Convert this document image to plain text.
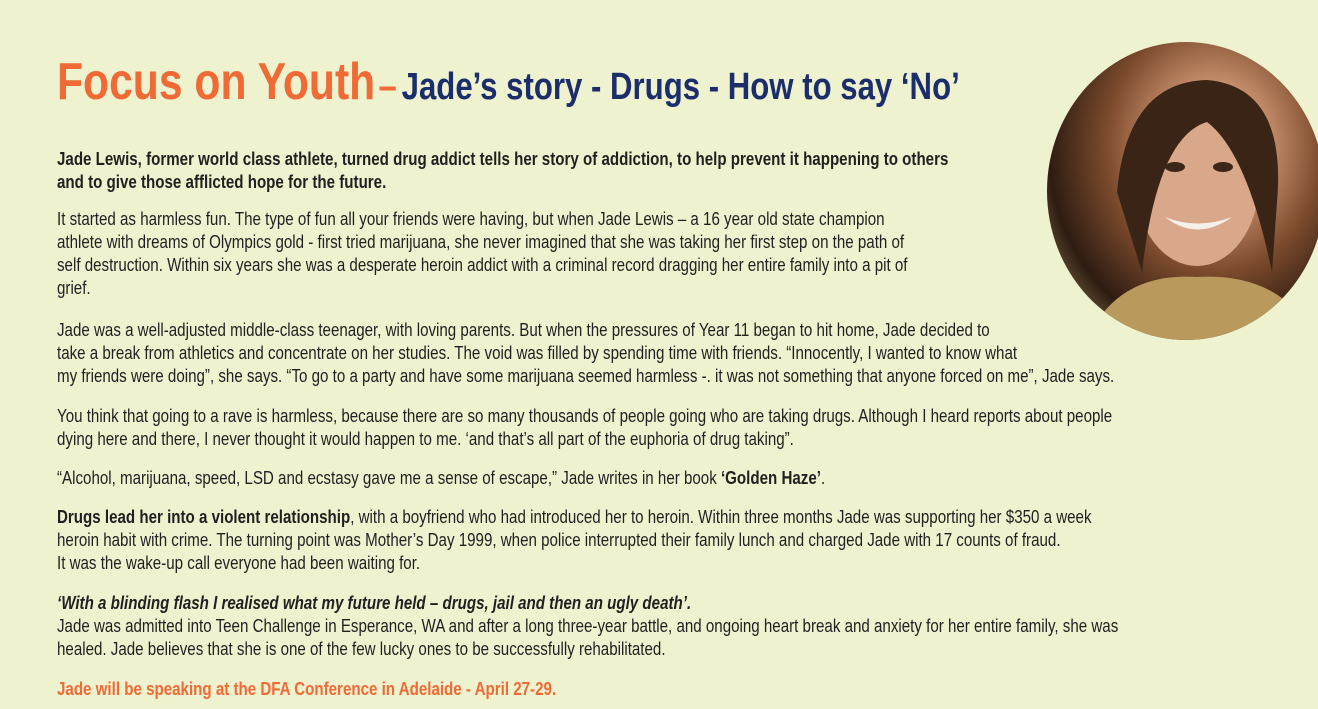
Focus on Youth– Jade’s story - Drugs - How to say ‘No’

Jade Lewis, former world class athlete, turned drug addict tells her story of addiction, to help prevent it happening to others
and to give those afflicted hope for the future.

It started as harmless fun. The type of fun all your friends were having, but when Jade Lewis – a 16 year old state champion
athlete with dreams of Olympics gold - first tried marijuana, she never imagined that she was taking her first step on the path of
self destruction. Within six years she was a desperate heroin addict with a criminal record dragging her entire family into a pit of
grief.

Jade was a well-adjusted middle-class teenager, with loving parents. But when the pressures of Year 11 began to hit home, Jade decided to
take a break from athletics and concentrate on her studies. The void was filled by spending time with friends. “Innocently, I wanted to know what
my friends were doing”, she says. “To go to a party and have some marijuana seemed harmless -. it was not something that anyone forced on me”, Jade says.

You think that going to a rave is harmless, because there are so many thousands of people going who are taking drugs. Although I heard reports about people
dying here and there, I never thought it would happen to me. ‘and that’s all part of the euphoria of drug taking”.

“Alcohol, marijuana, speed, LSD and ecstasy gave me a sense of escape,” Jade writes in her book ‘Golden Haze’.

Drugs lead her into a violent relationship, with a boyfriend who had introduced her to heroin. Within three months Jade was supporting her $350 a week
heroin habit with crime. The turning point was Mother’s Day 1999, when police interrupted their family lunch and charged Jade with 17 counts of fraud.
It was the wake-up call everyone had been waiting for.

‘With a blinding flash I realised what my future held – drugs, jail and then an ugly death’.
Jade was admitted into Teen Challenge in Esperance, WA and after a long three-year battle, and ongoing heart break and anxiety for her entire family, she was
healed. Jade believes that she is one of the few lucky ones to be successfully rehabilitated.

Jade will be speaking at the DFA Conference in Adelaide - April 27-29.
